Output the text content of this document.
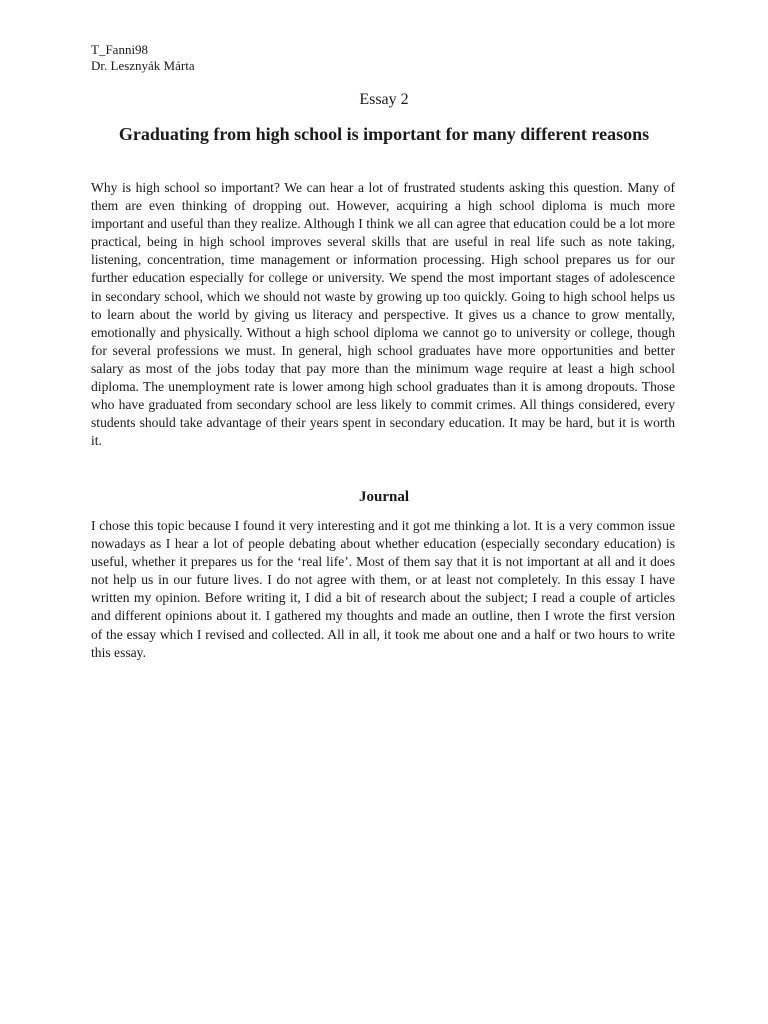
T_Fanni98
Dr. Lesznyák Márta
Essay 2
Graduating from high school is important for many different reasons

Why is high school so important? We can hear a lot of frustrated students asking this question. Many of them are even thinking of dropping out. However, acquiring a high school diploma is much more important and useful than they realize. Although I think we all can agree that education could be a lot more practical, being in high school improves several skills that are useful in real life such as note taking, listening, concentration, time management or information processing. High school prepares us for our further education especially for college or university. We spend the most important stages of adolescence in secondary school, which we should not waste by growing up too quickly. Going to high school helps us to learn about the world by giving us literacy and perspective. It gives us a chance to grow mentally, emotionally and physically. Without a high school diploma we cannot go to university or college, though for several professions we must. In general, high school graduates have more opportunities and better salary as most of the jobs today that pay more than the minimum wage require at least a high school diploma. The unemployment rate is lower among high school graduates than it is among dropouts. Those who have graduated from secondary school are less likely to commit crimes. All things considered, every students should take advantage of their years spent in secondary education. It may be hard, but it is worth it.

Journal

I chose this topic because I found it very interesting and it got me thinking a lot. It is a very common issue nowadays as I hear a lot of people debating about whether education (especially secondary education) is useful, whether it prepares us for the ‘real life’. Most of them say that it is not important at all and it does not help us in our future lives. I do not agree with them, or at least not completely. In this essay I have written my opinion. Before writing it, I did a bit of research about the subject; I read a couple of articles and different opinions about it. I gathered my thoughts and made an outline, then I wrote the first version of the essay which I revised and collected. All in all, it took me about one and a half or two hours to write this essay.
